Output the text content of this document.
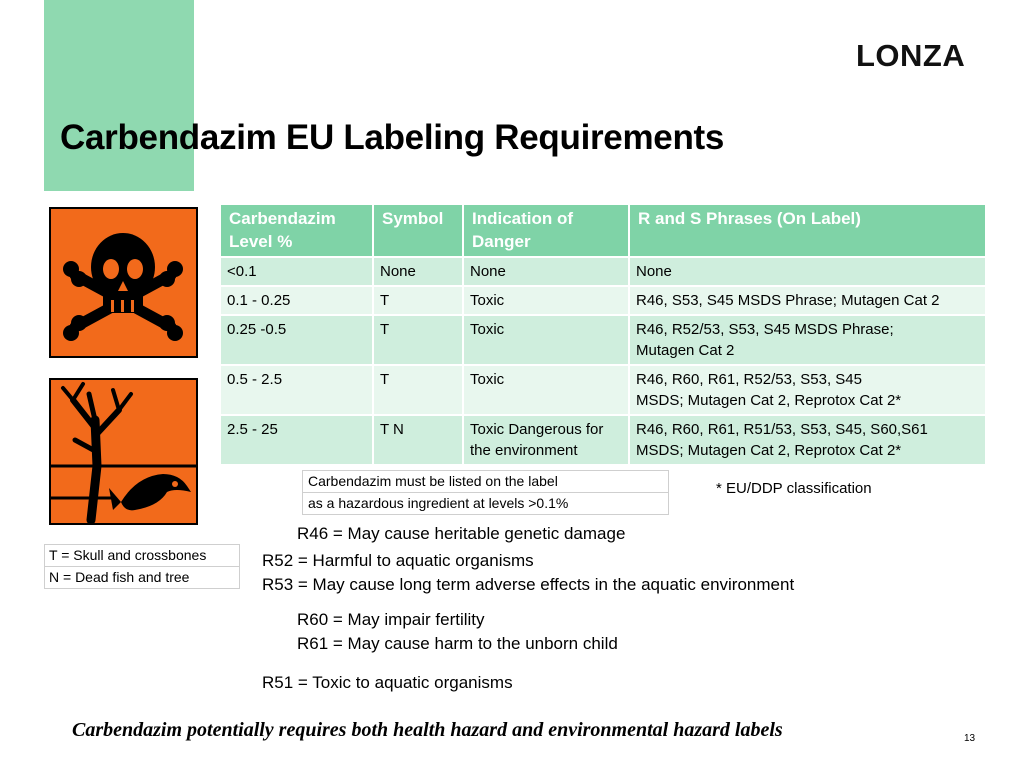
LONZA
Carbendazim EU Labeling Requirements
Carbendazim Level %	Symbol	Indication of Danger	R and S Phrases (On Label)
<0.1	None	None	None
0.1 - 0.25	T	Toxic	R46, S53, S45 MSDS Phrase; Mutagen Cat 2
0.25 -0.5	T	Toxic	R46, R52/53, S53, S45 MSDS Phrase;
Mutagen Cat 2
0.5 - 2.5	T	Toxic	R46, R60, R61, R52/53, S53, S45
MSDS; Mutagen Cat 2, Reprotox Cat 2*
2.5 - 25	T N	Toxic Dangerous for the environment	R46, R60, R61, R51/53, S53, S45, S60,S61
MSDS; Mutagen Cat 2, Reprotox Cat 2*
Carbendazim must be listed on the label
as a hazardous ingredient at levels >0.1%
* EU/DDP classification
T = Skull and crossbones
N = Dead fish and tree
R46 = May cause heritable genetic damage
R52 = Harmful to aquatic organisms
R53 = May cause long term adverse effects in the aquatic environment
R60 = May impair fertility
R61 = May cause harm to the unborn child
R51 = Toxic to aquatic organisms
Carbendazim potentially requires both health hazard and environmental hazard labels	13
